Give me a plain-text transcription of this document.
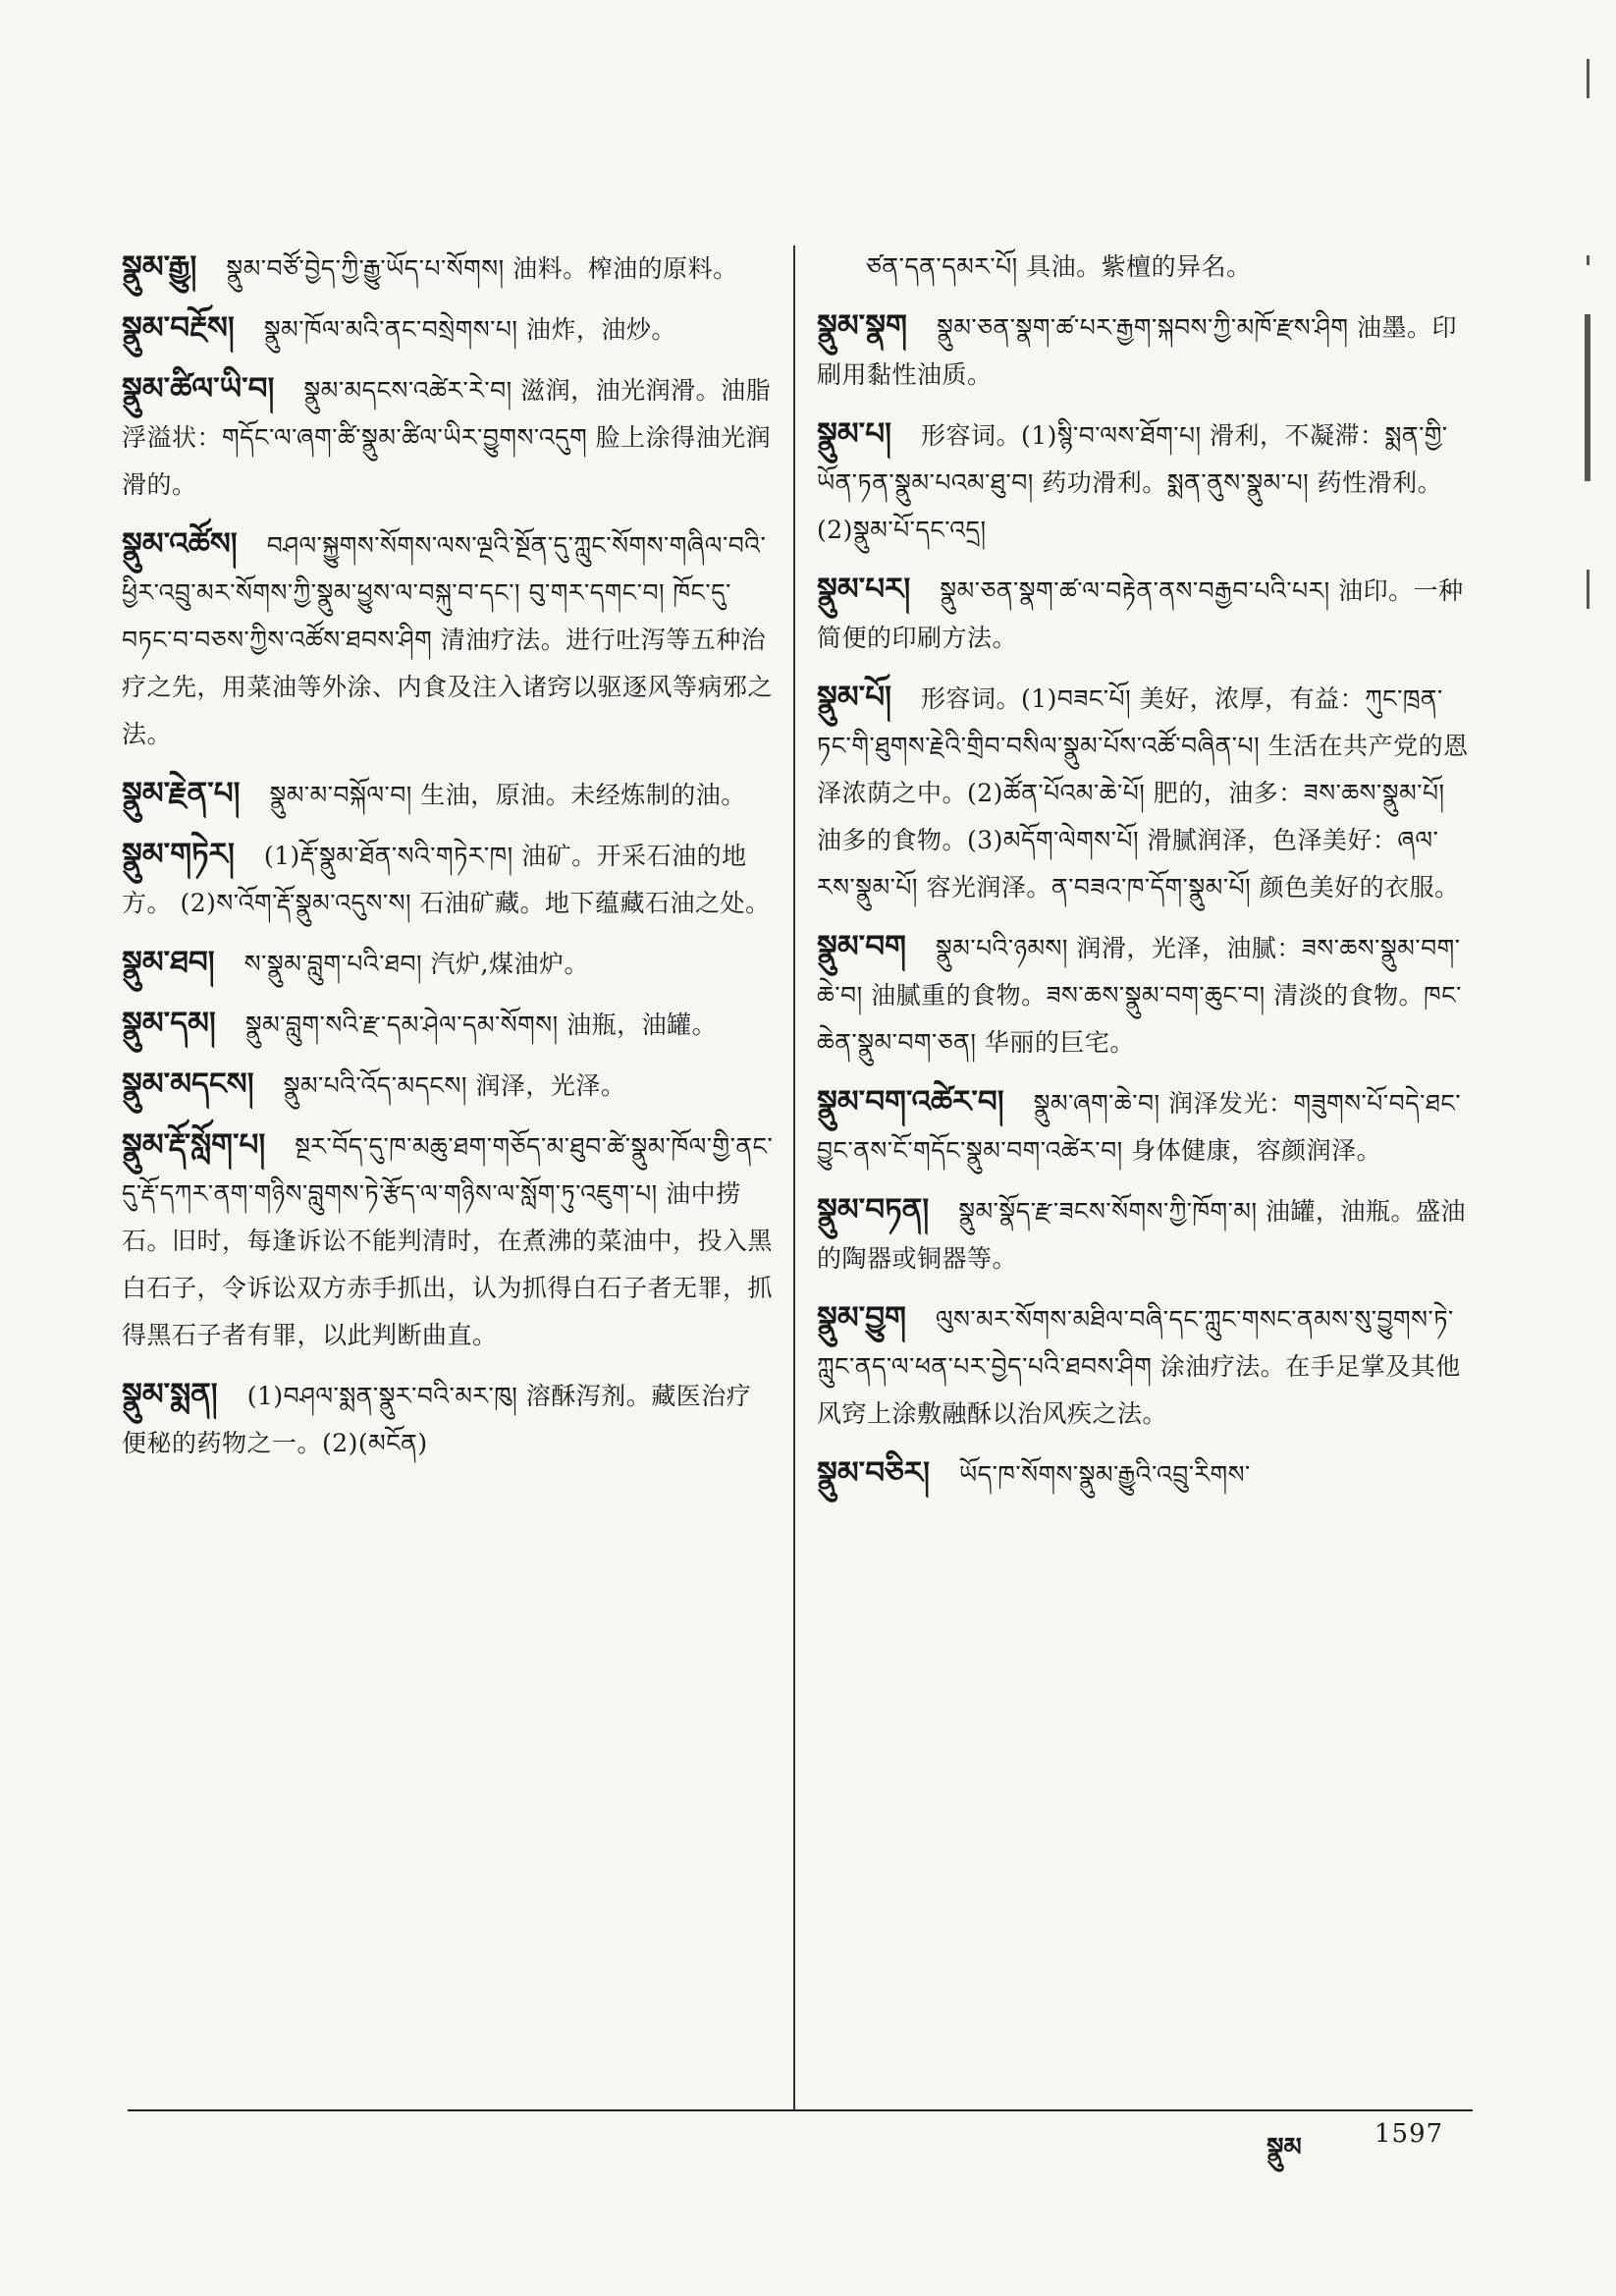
སྣུམ་རྒྱུ། སྣུམ་བཙོ་བྱེད་ཀྱི་རྒྱུ་ཡོད་པ་སོགས། 油料。榨油的原料。
སྣུམ་བརྔོས། སྣུམ་ཁོལ་མའི་ནང་བསྲེགས་པ། 油炸，油炒。
སྣུམ་ཚིལ་ཡི་བ། སྣུམ་མདངས་འཚེར་རེ་བ། 滋润，油光润滑。油脂浮溢状：གདོང་ལ་ཞག་ཚི་སྣུམ་ཚིལ་ཡིར་བྱུགས་འདུག 脸上涂得油光润滑的。
སྣུམ་འཚོས། བཤལ་སྐྱུགས་སོགས་ལས་ལྔའི་སྔོན་དུ་ཀླུང་སོགས་གཞིལ་བའི་ཕྱིར་འབྲུ་མར་སོགས་ཀྱི་སྣུམ་ཕྱུས་ལ་བསྐུ་བ་དང་། བུ་གར་དགང་བ། ཁོང་དུ་བཏང་བ་བཅས་ཀྱིས་འཚོས་ཐབས་ཤིག 清油疗法。进行吐泻等五种治疗之先，用菜油等外涂、内食及注入诸窍以驱逐风等病邪之法。
སྣུམ་རྗེན་པ། སྣུམ་མ་བསྐོལ་བ། 生油，原油。未经炼制的油。
སྣུམ་གཏེར། (1)རྡོ་སྣུམ་ཐོན་སའི་གཏེར་ཁ། 油矿。开采石油的地方。 (2)ས་འོག་རྡོ་སྣུམ་འདུས་ས། 石油矿藏。地下蕴藏石油之处。
སྣུམ་ཐབ། ས་སྣུམ་བླུག་པའི་ཐབ། 汽炉,煤油炉。
སྣུམ་དམ། སྣུམ་བླུག་སའི་རྫ་དམ་ཤེལ་དམ་སོགས། 油瓶，油罐。
སྣུམ་མདངས། སྣུམ་པའི་འོད་མདངས། 润泽，光泽。
སྣུམ་རྡོ་སློག་པ། སྔར་བོད་དུ་ཁ་མཆུ་ཐག་གཅོད་མ་ཐུབ་ཚེ་སྣུམ་ཁོལ་གྱི་ནང་དུ་རྡོ་དཀར་ནག་གཉིས་བླུགས་ཏེ་རྩོད་ལ་གཉིས་ལ་སློག་ཏུ་འཇུག་པ། 油中捞石。旧时，每逢诉讼不能判清时，在煮沸的菜油中，投入黑白石子，令诉讼双方赤手抓出，认为抓得白石子者无罪，抓得黑石子者有罪，以此判断曲直。
སྣུམ་སྨན། (1)བཤལ་སྨན་སྣུར་བའི་མར་ཁུ། 溶酥泻剂。藏医治疗便秘的药物之一。(2)(མངོན)
ཙན་དན་དམར་པོ། 具油。紫檀的异名。
སྣུམ་སྣག སྣུམ་ཅན་སྣག་ཚ་པར་རྒྱག་སྐབས་ཀྱི་མཁོ་རྫས་ཤིག 油墨。印刷用黏性油质。
སྣུམ་པ། 形容词。(1)སྙི་བ་ལས་ཐོག་པ། 滑利，不凝滞：སྨན་གྱི་ཡོན་ཏན་སྣུམ་པའམ་ཐུ་བ། 药功滑利。སྨན་ནུས་སྣུམ་པ། 药性滑利。(2)སྣུམ་པོ་དང་འདྲ།
སྣུམ་པར། སྣུམ་ཅན་སྣག་ཚ་ལ་བརྟེན་ནས་བརྒྱབ་པའི་པར། 油印。一种简便的印刷方法。
སྣུམ་པོ། 形容词。(1)བཟང་པོ། 美好，浓厚，有益：ཀུང་ཁྲན་ཏང་གི་ཐུགས་རྗེའི་གྲིབ་བསིལ་སྣུམ་པོས་འཚོ་བཞིན་པ། 生活在共产党的恩泽浓荫之中。(2)ཚོན་པོའམ་ཆེ་པོ། 肥的，油多：ཟས་ཆས་སྣུམ་པོ། 油多的食物。(3)མདོག་ལེགས་པོ། 滑腻润泽，色泽美好：ཞལ་རས་སྣུམ་པོ། 容光润泽。ན་བཟའ་ཁ་དོག་སྣུམ་པོ། 颜色美好的衣服。
སྣུམ་བག སྣུམ་པའི་ཉམས། 润滑，光泽，油腻：ཟས་ཆས་སྣུམ་བག་ཆེ་བ། 油腻重的食物。ཟས་ཆས་སྣུམ་བག་ཆུང་བ། 清淡的食物。ཁང་ཆེན་སྣུམ་བག་ཅན། 华丽的巨宅。
སྣུམ་བག་འཚེར་བ། སྣུམ་ཞག་ཆེ་བ། 润泽发光：གཟུགས་པོ་བདེ་ཐང་བྱུང་ནས་ངོ་གདོང་སྣུམ་བག་འཚེར་བ། 身体健康，容颜润泽。
སྣུམ་བཏན། སྣུམ་སྣོད་རྫ་ཟངས་སོགས་ཀྱི་ཁོག་མ། 油罐，油瓶。盛油的陶器或铜器等。
སྣུམ་བྱུག ལུས་མར་སོགས་མཐིལ་བཞི་དང་ཀླུང་གསང་ནམས་སུ་བྱུགས་ཏེ་ཀླུང་ནད་ལ་ཕན་པར་བྱེད་པའི་ཐབས་ཤིག 涂油疗法。在手足掌及其他风窍上涂敷融酥以治风疾之法。
སྣུམ་བཅིར། ཡོད་ཁ་སོགས་སྣུམ་རྒྱུའི་འབྲུ་རིགས་
སྣུམ	1597
